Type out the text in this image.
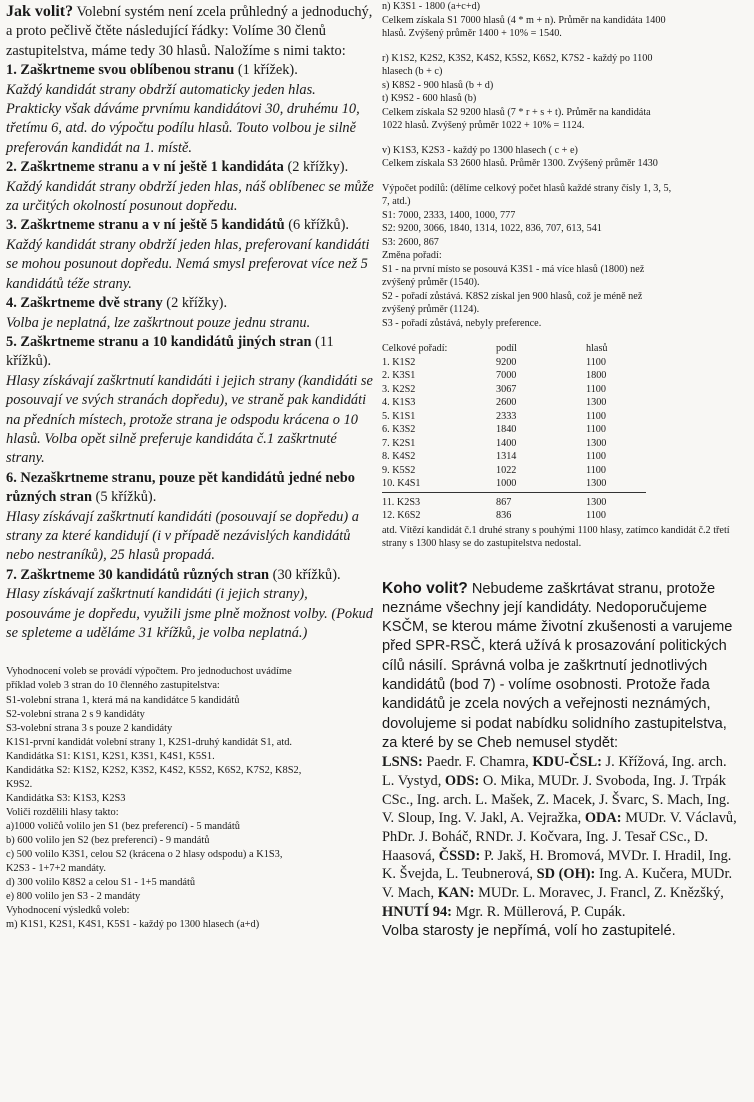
Jak volit? Volební systém není zcela průhledný a jednoduchý, a proto pečlivě čtěte následující řádky: Volíme 30 členů zastupitelstva, máme tedy 30 hlasů. Naložíme s nimi takto:

1. Zaškrtneme svou oblíbenou stranu (1 křížek).

Každý kandidát strany obdrží automaticky jeden hlas. Prakticky však dáváme prvnímu kandidátovi 30, druhému 10, třetímu 6, atd. do výpočtu podílu hlasů. Touto volbou je silně preferován kandidát na 1. místě.

2. Zaškrtneme stranu a v ní ještě 1 kandidáta (2 křížky). Každý kandidát strany obdrží jeden hlas, náš oblíbenec se může za určitých okolností posunout dopředu.

3. Zaškrtneme stranu a v ní ještě 5 kandidátů (6 křížků).

Každý kandidát strany obdrží jeden hlas, preferovaní kandidáti se mohou posunout dopředu. Nemá smysl preferovat více než 5 kandidátů téže strany.

4. Zaškrtneme dvě strany (2 křížky).

Volba je neplatná, lze zaškrtnout pouze jednu stranu.

5. Zaškrtneme stranu a 10 kandidátů jiných stran (11 křížků).

Hlasy získávají zaškrtnutí kandidáti i jejich strany (kandidáti se posouvají ve svých stranách dopředu), ve straně pak kandidáti na předních místech, protože strana je odspodu krácena o 10 hlasů. Volba opět silně preferuje kandidáta č.1 zaškrtnuté strany.

6. Nezaškrtneme stranu, pouze pět kandidátů jedné nebo různých stran (5 křížků).

Hlasy získávají zaškrtnutí kandidáti (posouvají se dopředu) a strany za které kandidují (i v případě nezávislých kandidátů nebo nestraníků), 25 hlasů propadá.

7. Zaškrtneme 30 kandidátů různých stran (30 křížků).

Hlasy získávají zaškrtnutí kandidáti (i jejich strany), posouváme je dopředu, využili jsme plně možnost volby. (Pokud se spleteme a uděláme 31 křížků, je volba neplatná.)

Vyhodnocení voleb se provádí výpočtem. Pro jednoduchost uvádíme

příklad voleb 3 stran do 10 členného zastupitelstva:

S1-volební strana 1, která má na kandidátce 5 kandidátů

S2-volební strana 2 s 9 kandidáty

S3-volební strana 3 s pouze 2 kandidáty

K1S1-první kandidát volební strany 1, K2S1-druhý kandidát S1, atd.

Kandidátka S1: K1S1, K2S1, K3S1, K4S1, K5S1.

Kandidátka S2: K1S2, K2S2, K3S2, K4S2, K5S2, K6S2, K7S2, K8S2,

K9S2.

Kandidátka S3: K1S3, K2S3

Voliči rozdělili hlasy takto:

a)1000 voličů volilo jen S1 (bez preferencí) - 5 mandátů

b) 600 volilo jen S2 (bez preferencí) - 9 mandátů

c) 500 volilo K3S1, celou S2 (krácena o 2 hlasy odspodu) a K1S3,

K2S3 - 1+7+2 mandáty.

d) 300 volilo K8S2 a celou S1 - 1+5 mandátů

e) 800 volilo jen S3 - 2 mandáty

Vyhodnocení výsledků voleb:

m) K1S1, K2S1, K4S1, K5S1 - každý po 1300 hlasech (a+d)

n) K3S1 - 1800 (a+c+d)

Celkem získala S1 7000 hlasů (4 * m + n). Průměr na kandidáta 1400

hlasů. Zvýšený průměr 1400 + 10% = 1540.

r) K1S2, K2S2, K3S2, K4S2, K5S2, K6S2, K7S2 - každý po 1100

hlasech (b + c)

s) K8S2 - 900 hlasů (b + d)

t) K9S2 - 600 hlasů (b)

Celkem získala S2 9200 hlasů (7 * r + s + t). Průměr na kandidáta

1022 hlasů. Zvýšený průměr 1022 + 10% = 1124.

v) K1S3, K2S3 - každý po 1300 hlasech ( c + e)

Celkem získala S3 2600 hlasů. Průměr 1300. Zvýšený průměr 1430

Výpočet podílů: (dělíme celkový počet hlasů každé strany čísly 1, 3, 5,

7, atd.)

S1: 7000, 2333, 1400, 1000, 777

S2: 9200, 3066, 1840, 1314, 1022, 836, 707, 613, 541

S3: 2600, 867

Změna pořadí:

S1 - na první místo se posouvá K3S1 - má více hlasů (1800) než

zvýšený průměr (1540).

S2 - pořadí zůstává. K8S2 získal jen 900 hlasů, což je méně než

zvýšený průměr (1124).

S3 - pořadí zůstává, nebyly preference.

Celkové pořadí:	podíl	hlasů
1. K1S2	9200	1100
2. K3S1	7000	1800
3. K2S2	3067	1100
4. K1S3	2600	1300
5. K1S1	2333	1100
6. K3S2	1840	1100
7. K2S1	1400	1300
8. K4S2	1314	1100
9. K5S2	1022	1100
10. K4S1	1000	1300

11. K2S3	867	1300
12. K6S2	836	1100

atd. Vítězí kandidát č.1 druhé strany s pouhými 1100 hlasy, zatímco kandidát č.2 třetí strany s 1300 hlasy se do zastupitelstva nedostal.

Koho volit? Nebudeme zaškrtávat stranu, protože neznáme všechny její kandidáty. Nedoporučujeme KSČM, se kterou máme životní zkušenosti a varujeme před SPR-RSČ, která užívá k prosazování politických cílů násilí. Správná volba je zaškrtnutí jednotlivých kandidátů (bod 7) - volíme osobnosti. Protože řada kandidátů je zcela nových a veřejnosti neznámých, dovolujeme si podat nabídku solidního zastupitelstva, za které by se Cheb nemusel stydět:

LSNS: Paedr. F. Chamra, KDU-ČSL: J. Křížová, Ing. arch. L. Vystyd, ODS: O. Mika, MUDr. J. Svoboda, Ing. J. Trpák CSc., Ing. arch. L. Mašek, Z. Macek, J. Švarc, S. Mach, Ing. V. Sloup, Ing. V. Jakl, A. Vejražka, ODA: MUDr. V. Václavů, PhDr. J. Boháč, RNDr. J. Kočvara, Ing. J. Tesař CSc., D. Haasová, ČSSD: P. Jakš, H. Bromová, MVDr. I. Hradil, Ing. K. Švejda, L. Teubnerová, SD (OH): Ing. A. Kučera, MUDr. V. Mach, KAN: MUDr. L. Moravec, J. Francl, Z. Knězšký, HNUTÍ 94: Mgr. R. Müllerová, P. Cupák.

Volba starosty je nepřímá, volí ho zastupitelé.
